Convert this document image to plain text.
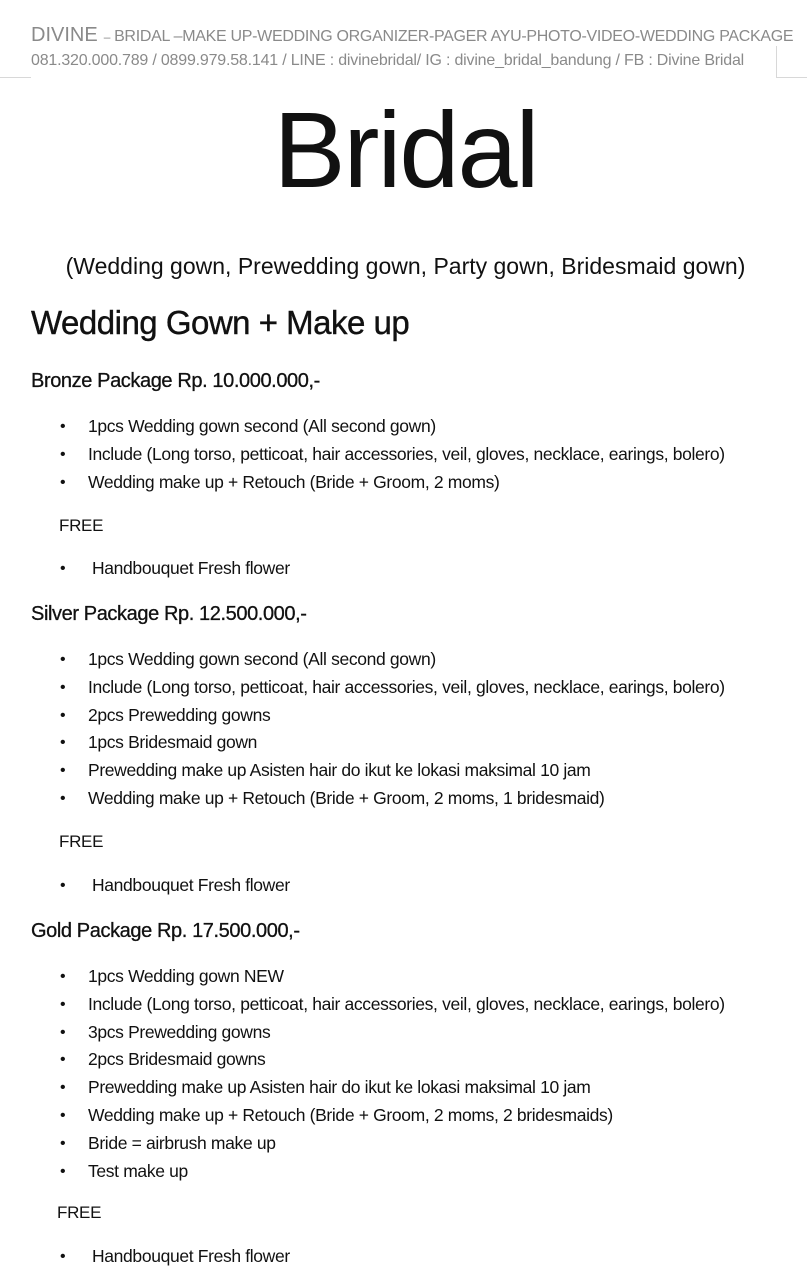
DIVINE – BRIDAL –MAKE UP-WEDDING ORGANIZER-PAGER AYU-PHOTO-VIDEO-WEDDING PACKAGE
081.320.000.789 / 0899.979.58.141 / LINE : divinebridal/ IG : divine_bridal_bandung / FB : Divine Bridal
Bridal

(Wedding gown, Prewedding gown, Party gown, Bridesmaid gown)

Wedding Gown + Make up
Bronze Package Rp. 10.000.000,-
• 1pcs Wedding gown second (All second gown)
• Include (Long torso, petticoat, hair accessories, veil, gloves, necklace, earings, bolero)
• Wedding make up + Retouch (Bride + Groom, 2 moms)

FREE

• Handbouquet Fresh flower
Silver Package Rp. 12.500.000,-
• 1pcs Wedding gown second (All second gown)
• Include (Long torso, petticoat, hair accessories, veil, gloves, necklace, earings, bolero)
• 2pcs Prewedding gowns
• 1pcs Bridesmaid gown
• Prewedding make up Asisten hair do ikut ke lokasi maksimal 10 jam
• Wedding make up + Retouch (Bride + Groom, 2 moms, 1 bridesmaid)

FREE

• Handbouquet Fresh flower
Gold Package Rp. 17.500.000,-
• 1pcs Wedding gown NEW
• Include (Long torso, petticoat, hair accessories, veil, gloves, necklace, earings, bolero)
• 3pcs Prewedding gowns
• 2pcs Bridesmaid gowns
• Prewedding make up Asisten hair do ikut ke lokasi maksimal 10 jam
• Wedding make up + Retouch (Bride + Groom, 2 moms, 2 bridesmaids)
• Bride = airbrush make up
• Test make up

FREE

• Handbouquet Fresh flower
